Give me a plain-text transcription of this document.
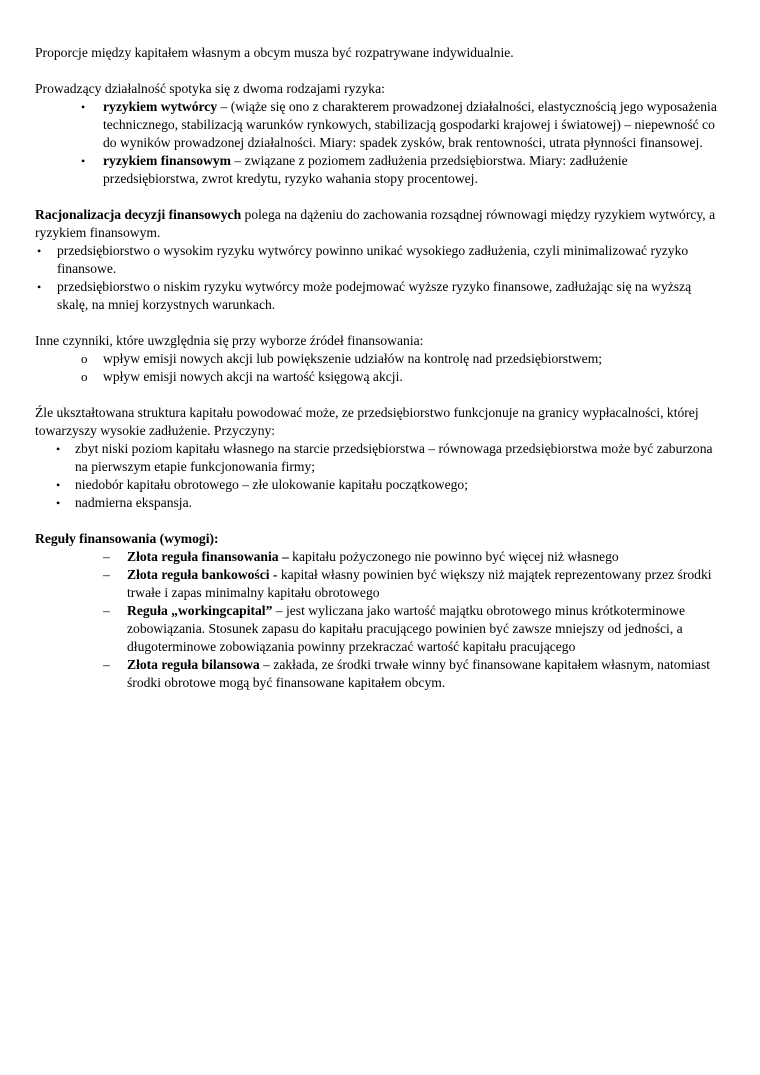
Proporcje między kapitałem własnym a obcym musza być rozpatrywane indywidualnie.

Prowadzący działalność spotyka się z dwoma rodzajami ryzyka:

• ryzykiem wytwórcy – (wiąże się ono z charakterem prowadzonej działalności, elastycznością jego wyposażenia technicznego, stabilizacją warunków rynkowych, stabilizacją gospodarki krajowej i światowej) – niepewność co do wyników prowadzonej działalności. Miary: spadek zysków, brak rentowności, utrata płynności finansowej.
• ryzykiem finansowym – związane z poziomem zadłużenia przedsiębiorstwa. Miary: zadłużenie przedsiębiorstwa, zwrot kredytu, ryzyko wahania stopy procentowej.

Racjonalizacja decyzji finansowych polega na dążeniu do zachowania rozsądnej równowagi między ryzykiem wytwórcy, a ryzykiem finansowym.

• przedsiębiorstwo o wysokim ryzyku wytwórcy powinno unikać wysokiego zadłużenia, czyli minimalizować ryzyko finansowe.
• przedsiębiorstwo o niskim ryzyku wytwórcy może podejmować wyższe ryzyko finansowe, zadłużając się na wyższą skalę, na mniej korzystnych warunkach.

Inne czynniki, które uwzględnia się przy wyborze źródeł finansowania:

o wpływ emisji nowych akcji lub powiększenie udziałów na kontrolę nad przedsiębiorstwem;
o wpływ emisji nowych akcji na wartość księgową akcji.

Źle ukształtowana struktura kapitału powodować może, ze przedsiębiorstwo funkcjonuje na granicy wypłacalności, której towarzyszy wysokie zadłużenie. Przyczyny:

• zbyt niski poziom kapitału własnego na starcie przedsiębiorstwa – równowaga przedsiębiorstwa może być zaburzona na pierwszym etapie funkcjonowania firmy;
• niedobór kapitału obrotowego – złe ulokowanie kapitału początkowego;
• nadmierna ekspansja.

Reguły finansowania (wymogi):

– Złota reguła finansowania – kapitału pożyczonego nie powinno być więcej niż własnego
– Złota reguła bankowości - kapitał własny powinien być większy niż majątek reprezentowany przez środki trwałe i zapas minimalny kapitału obrotowego
– Reguła „workingcapital” – jest wyliczana jako wartość majątku obrotowego minus krótkoterminowe zobowiązania. Stosunek zapasu do kapitału pracującego powinien być zawsze mniejszy od jedności, a długoterminowe zobowiązania powinny przekraczać wartość kapitału pracującego
– Złota reguła bilansowa – zakłada, ze środki trwałe winny być finansowane kapitałem własnym, natomiast środki obrotowe mogą być finansowane kapitałem obcym.
